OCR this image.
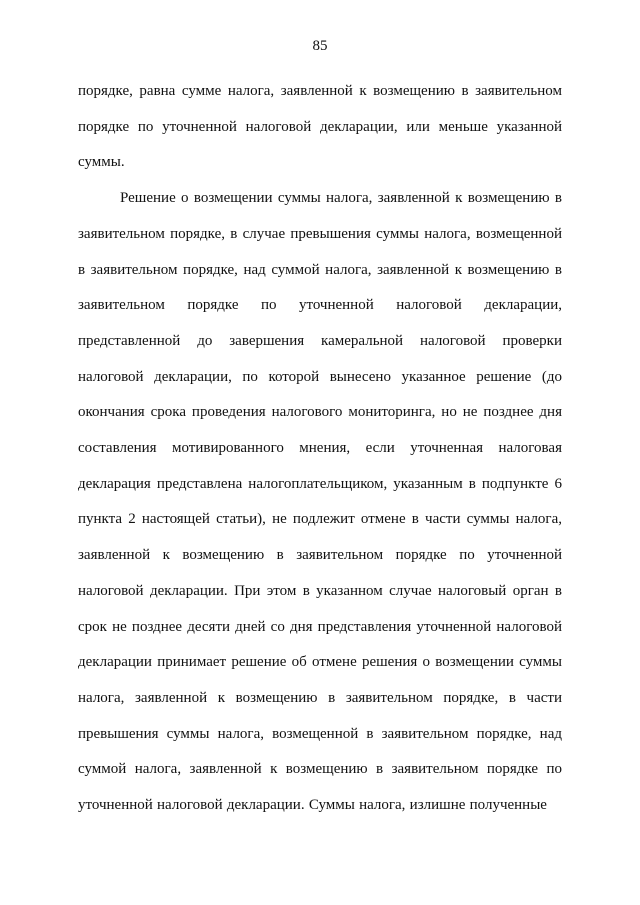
85

порядке, равна сумме налога, заявленной к возмещению в заявительном порядке по уточненной налоговой декларации, или меньше указанной суммы.

Решение о возмещении суммы налога, заявленной к возмещению в заявительном порядке, в случае превышения суммы налога, возмещенной в заявительном порядке, над суммой налога, заявленной к возмещению в заявительном порядке по уточненной налоговой декларации, представленной до завершения камеральной налоговой проверки налоговой декларации, по которой вынесено указанное решение (до окончания срока проведения налогового мониторинга, но не позднее дня составления мотивированного мнения, если уточненная налоговая декларация представлена налогоплательщиком, указанным в подпункте 6 пункта 2 настоящей статьи), не подлежит отмене в части суммы налога, заявленной к возмещению в заявительном порядке по уточненной налоговой декларации. При этом в указанном случае налоговый орган в срок не позднее десяти дней со дня представления уточненной налоговой декларации принимает решение об отмене решения о возмещении суммы налога, заявленной к возмещению в заявительном порядке, в части превышения суммы налога, возмещенной в заявительном порядке, над суммой налога, заявленной к возмещению в заявительном порядке по уточненной налоговой декларации. Суммы налога, излишне полученные
